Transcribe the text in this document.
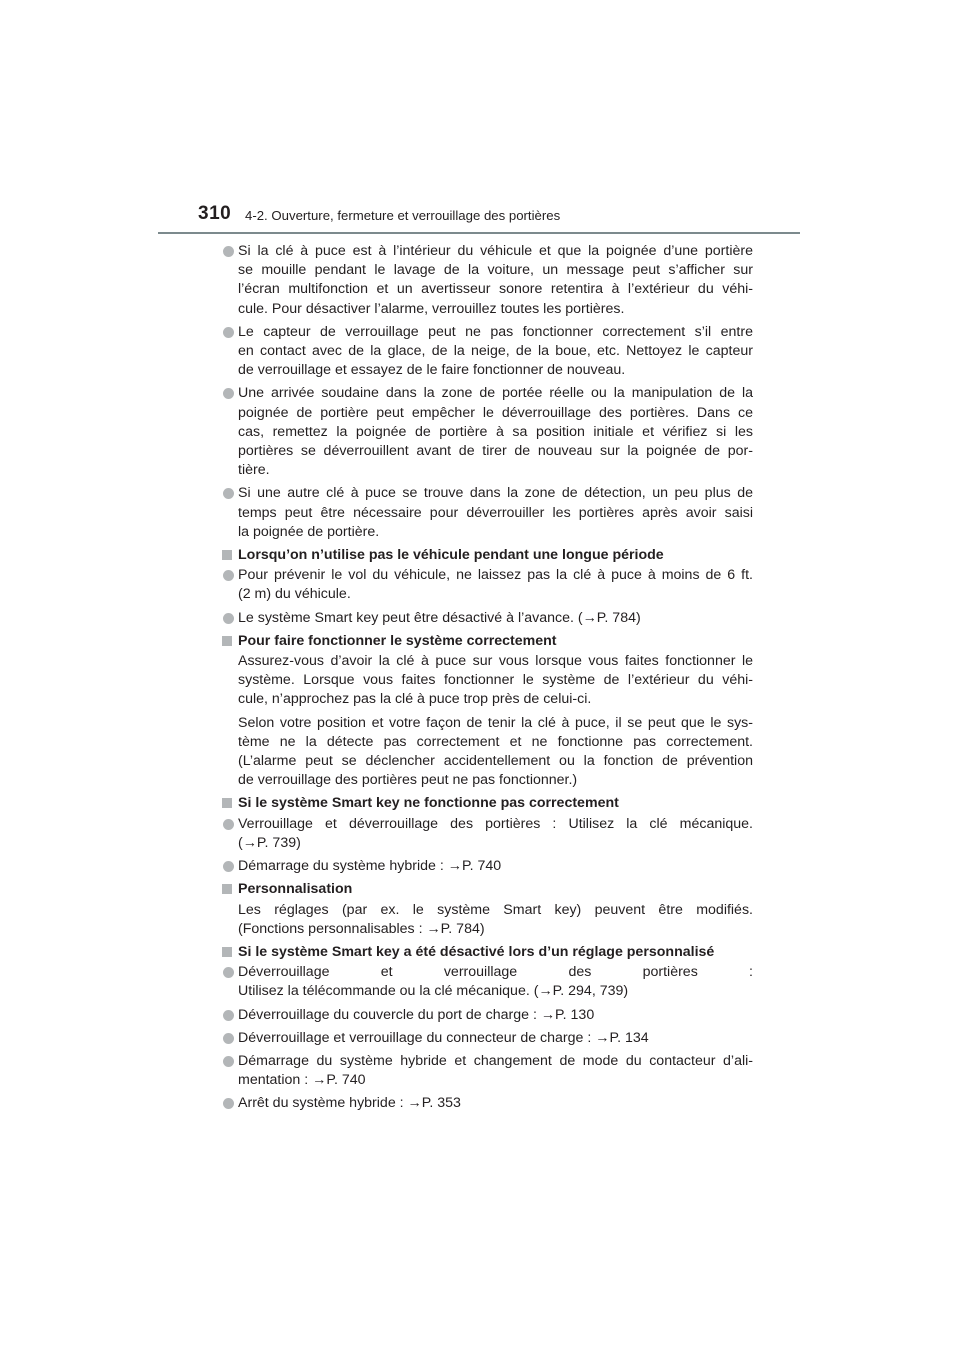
310 4-2. Ouverture, fermeture et verrouillage des portières
Si la clé à puce est à l’intérieur du véhicule et que la poignée d’une portière
se mouille pendant le lavage de la voiture, un message peut s’afficher sur
l’écran multifonction et un avertisseur sonore retentira à l’extérieur du véhi-
cule. Pour désactiver l’alarme, verrouillez toutes les portières.
Le capteur de verrouillage peut ne pas fonctionner correctement s’il entre
en contact avec de la glace, de la neige, de la boue, etc. Nettoyez le capteur
de verrouillage et essayez de le faire fonctionner de nouveau.
Une arrivée soudaine dans la zone de portée réelle ou la manipulation de la
poignée de portière peut empêcher le déverrouillage des portières. Dans ce
cas, remettez la poignée de portière à sa position initiale et vérifiez si les
portières se déverrouillent avant de tirer de nouveau sur la poignée de por-
tière.
Si une autre clé à puce se trouve dans la zone de détection, un peu plus de
temps peut être nécessaire pour déverrouiller les portières après avoir saisi
la poignée de portière.
Lorsqu’on n’utilise pas le véhicule pendant une longue période
Pour prévenir le vol du véhicule, ne laissez pas la clé à puce à moins de 6 ft.
(2 m) du véhicule.
Le système Smart key peut être désactivé à l’avance. (→P. 784)
Pour faire fonctionner le système correctement
Assurez-vous d’avoir la clé à puce sur vous lorsque vous faites fonctionner le
système. Lorsque vous faites fonctionner le système de l’extérieur du véhi-
cule, n’approchez pas la clé à puce trop près de celui-ci.
Selon votre position et votre façon de tenir la clé à puce, il se peut que le sys-
tème ne la détecte pas correctement et ne fonctionne pas correctement.
(L’alarme peut se déclencher accidentellement ou la fonction de prévention
de verrouillage des portières peut ne pas fonctionner.)
Si le système Smart key ne fonctionne pas correctement
Verrouillage et déverrouillage des portières : Utilisez la clé mécanique.
(→P. 739)
Démarrage du système hybride : →P. 740
Personnalisation
Les réglages (par ex. le système Smart key) peuvent être modifiés.
(Fonctions personnalisables : →P. 784)
Si le système Smart key a été désactivé lors d’un réglage personnalisé
Déverrouillage et verrouillage des portières :
Utilisez la télécommande ou la clé mécanique. (→P. 294, 739)
Déverrouillage du couvercle du port de charge : →P. 130
Déverrouillage et verrouillage du connecteur de charge : →P. 134
Démarrage du système hybride et changement de mode du contacteur d’ali-
mentation : →P. 740
Arrêt du système hybride : →P. 353
